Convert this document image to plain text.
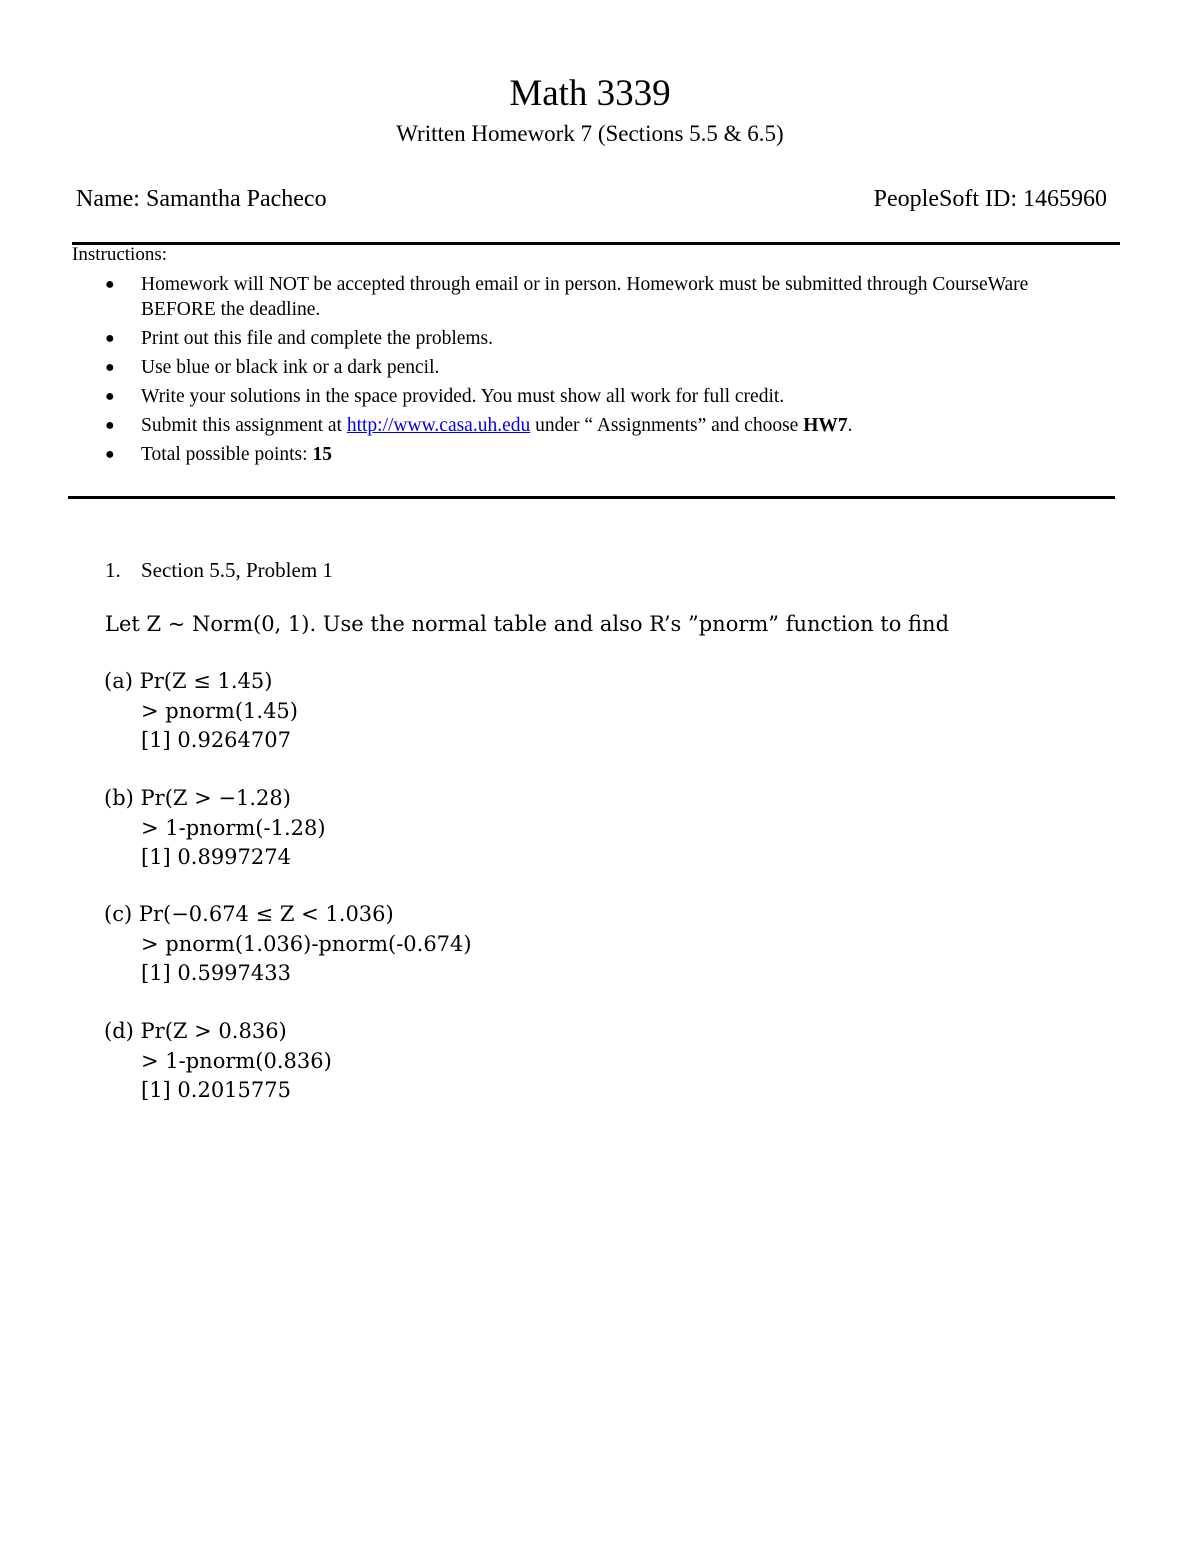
Math 3339
Written Homework 7 (Sections 5.5 & 6.5)
Name: Samantha Pacheco	PeopleSoft ID: 1465960
Instructions:
● Homework will NOT be accepted through email or in person. Homework must be submitted through CourseWare BEFORE the deadline.
● Print out this file and complete the problems.
● Use blue or black ink or a dark pencil.
● Write your solutions in the space provided. You must show all work for full credit.
● Submit this assignment at http://www.casa.uh.edu under “ Assignments” and choose HW7.
● Total possible points: 15
1. Section 5.5, Problem 1
Let Z ~ Norm(0, 1). Use the normal table and also R’s ”pnorm” function to find
(a) Pr(Z ≤ 1.45)
> pnorm(1.45)
[1] 0.9264707
(b) Pr(Z > −1.28)
> 1-pnorm(-1.28)
[1] 0.8997274
(c) Pr(−0.674 ≤ Z < 1.036)
> pnorm(1.036)-pnorm(-0.674)
[1] 0.5997433
(d) Pr(Z > 0.836)
> 1-pnorm(0.836)
[1] 0.2015775
